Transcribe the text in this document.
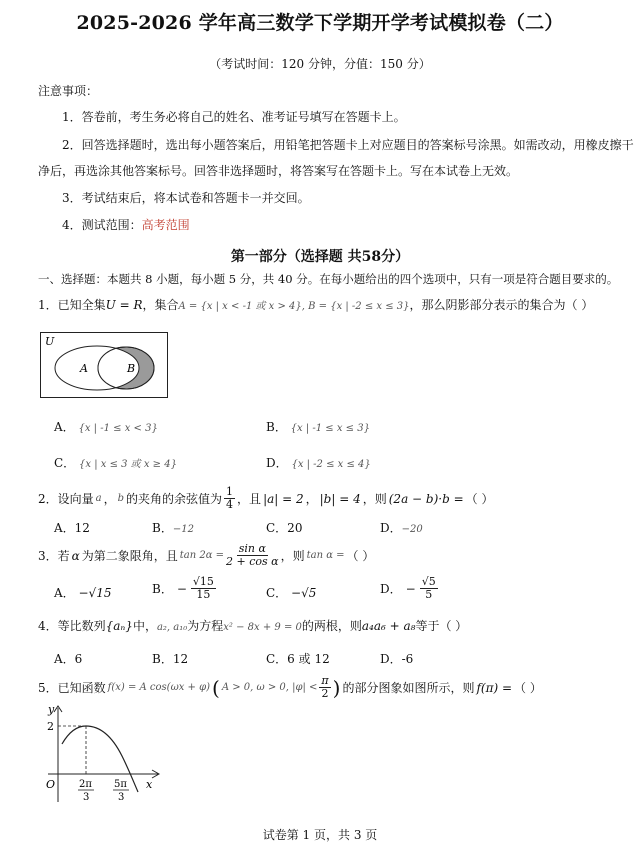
2025-2026 学年高三数学下学期开学考试模拟卷（二）
（考试时间：120 分钟，分值：150 分）
注意事项：
1．答卷前，考生务必将自己的姓名、准考证号填写在答题卡上。
2．回答选择题时，选出每小题答案后，用铅笔把答题卡上对应题目的答案标号涂黑。如需改动，用橡皮擦干
净后，再选涂其他答案标号。回答非选择题时，将答案写在答题卡上。写在本试卷上无效。
3．考试结束后，将本试卷和答题卡一并交回。
4．测试范围：高考范围
第一部分（选择题 共58分）
一、选择题：本题共 8 小题，每小题 5 分，共 40 分。在每小题给出的四个选项中，只有一项是符合题目要求的。
1．已知全集U = R，集合A = {x | x < -1 或 x > 4}, B = {x | -2 ≤ x ≤ 3}，那么阴影部分表示的集合为（ ）
U
A	B
A． {x | -1 ≤ x < 3}	B． {x | -1 ≤ x ≤ 3}
C． {x | x ≤ 3 或 x ≥ 4}	D． {x | -2 ≤ x ≤ 4}
2．设向量 a ， b 的夹角的余弦值为 $\frac{1}{4}$ ，且 |a| = 2 ， |b| = 4 ，则 (2a − b)·b = （ ）
A．12	B．−12	C．20	D．−20
3．若 α 为第二象限角，且 $\tan 2\alpha = \frac{\text{sin α}}{\text{2 + cos α}}$ ，则 tan α = （ ）
A． −√15	B． − $\frac{√15}{15}$	C． −√5	D． − $\frac{√5}{5}$
4．等比数列{aₙ}中，a₂, a₁₀为方程x² − 8x + 9 = 0的两根，则a₄a₆ + a₈等于（ ）
A．6	B．12	C．6 或 12	D．-6
5．已知函数 f(x) = A cos(ωx + φ) ( A > 0, ω > 0, $|\varphi| < \frac{\pi}{2}$ ) 的部分图象如图所示，则 f(π) = （ ）
y
x
O
2
2π
3
5π
3
试卷第 1 页，共 3 页
